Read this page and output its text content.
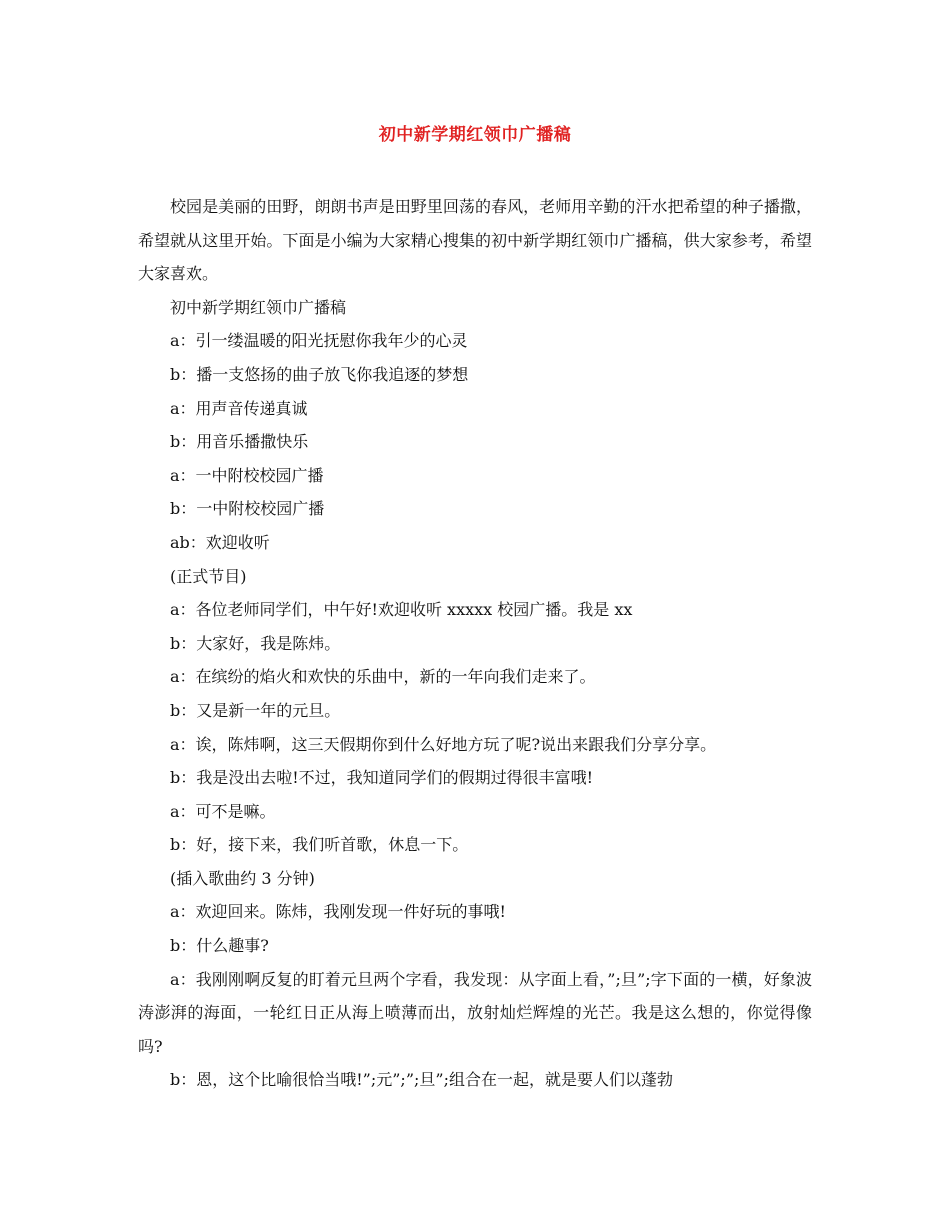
初中新学期红领巾广播稿

校园是美丽的田野，朗朗书声是田野里回荡的春风，老师用辛勤的汗水把希望的种子播撒，希望就从这里开始。下面是小编为大家精心搜集的初中新学期红领巾广播稿，供大家参考，希望大家喜欢。

初中新学期红领巾广播稿

a：引一缕温暖的阳光抚慰你我年少的心灵

b：播一支悠扬的曲子放飞你我追逐的梦想

a：用声音传递真诚

b：用音乐播撒快乐

a：一中附校校园广播

b：一中附校校园广播

ab：欢迎收听

(正式节目)

a：各位老师同学们，中午好!欢迎收听 xxxxx 校园广播。我是 xx

b：大家好，我是陈炜。

a：在缤纷的焰火和欢快的乐曲中，新的一年向我们走来了。

b：又是新一年的元旦。

a：诶，陈炜啊，这三天假期你到什么好地方玩了呢?说出来跟我们分享分享。

b：我是没出去啦!不过，我知道同学们的假期过得很丰富哦!

a：可不是嘛。

b：好，接下来，我们听首歌，休息一下。

(插入歌曲约 3 分钟)

a：欢迎回来。陈炜，我刚发现一件好玩的事哦!

b：什么趣事?

a：我刚刚啊反复的盯着元旦两个字看，我发现：从字面上看，”;旦”;字下面的一横，好象波涛澎湃的海面，一轮红日正从海上喷薄而出，放射灿烂辉煌的光芒。我是这么想的，你觉得像吗?

b：恩，这个比喻很恰当哦!”;元”;”;旦”;组合在一起，就是要人们以蓬勃
